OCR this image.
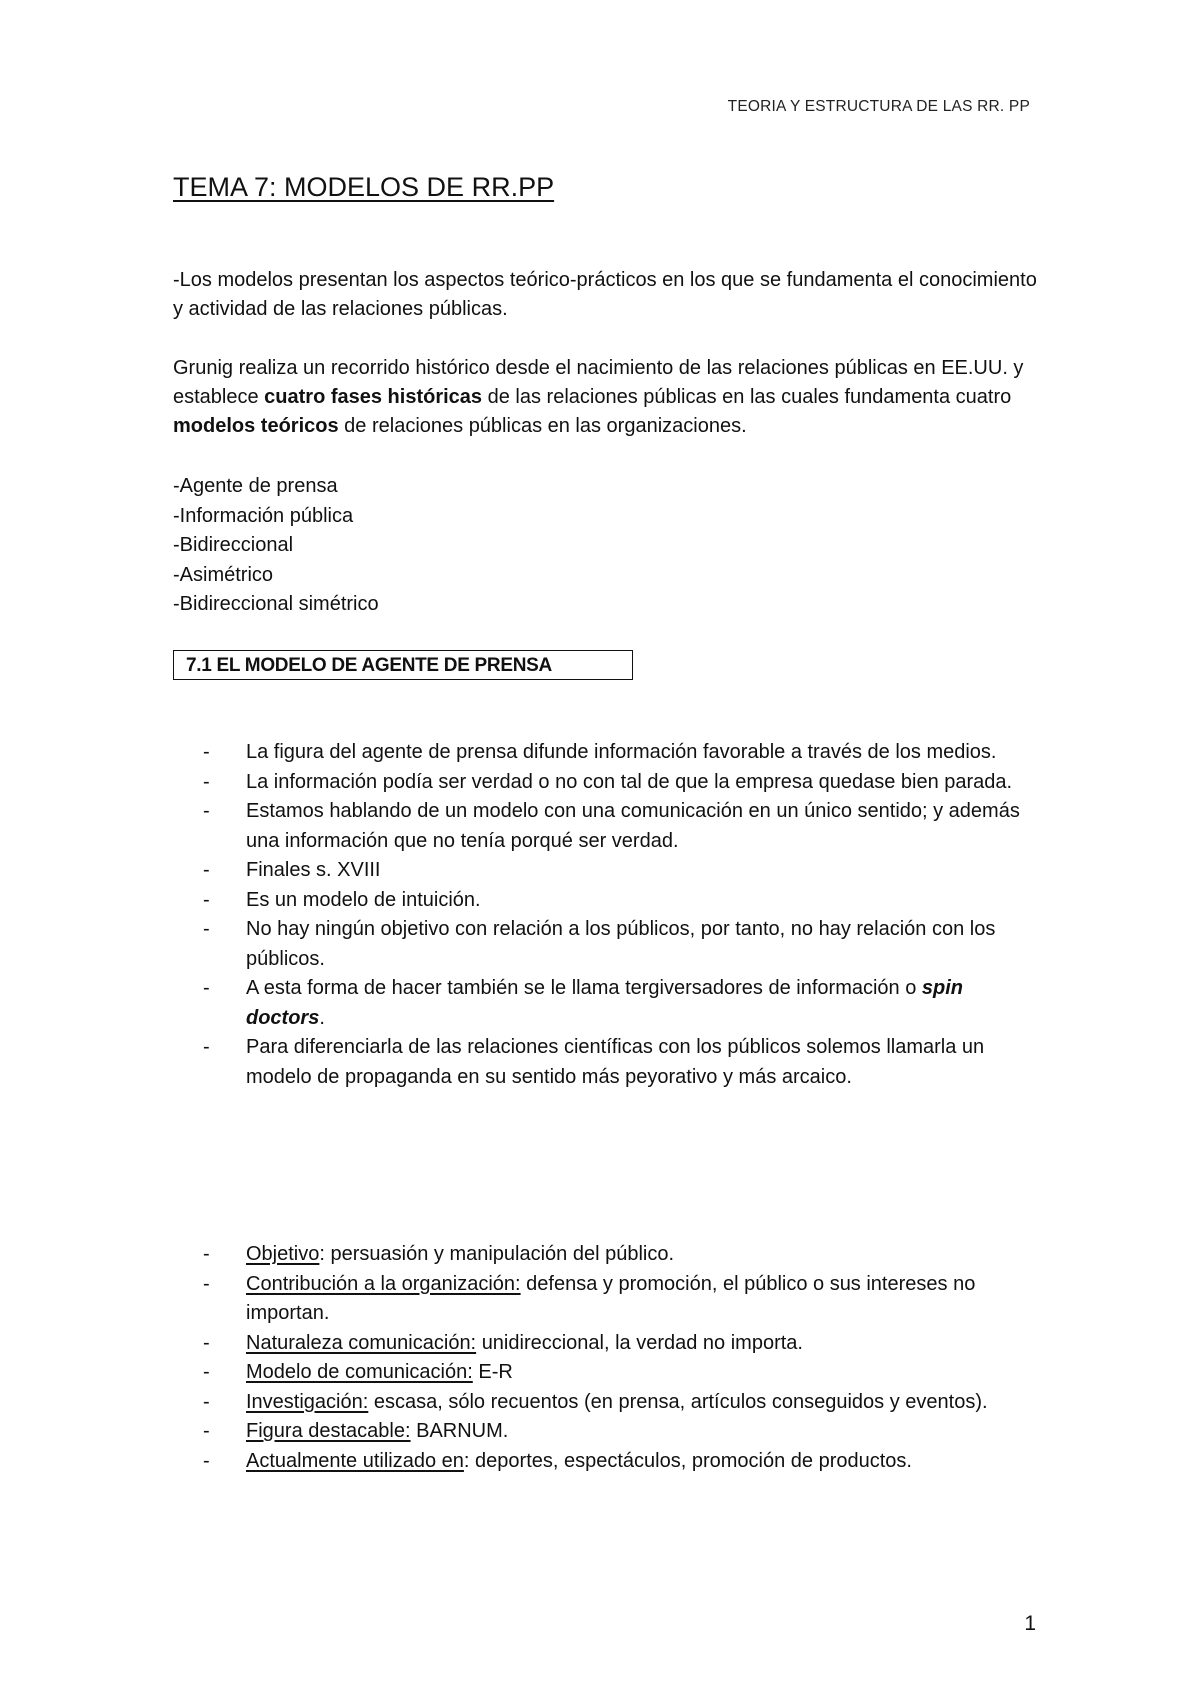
TEORIA Y ESTRUCTURA DE LAS RR. PP
TEMA 7: MODELOS DE RR.PP
-Los modelos presentan los aspectos teórico-prácticos en los que se fundamenta el conocimiento y actividad de las relaciones públicas.
Grunig realiza un recorrido histórico desde el nacimiento de las relaciones públicas en EE.UU. y establece cuatro fases históricas de las relaciones públicas en las cuales fundamenta cuatro modelos teóricos de relaciones públicas en las organizaciones.
-Agente de prensa
-Información pública
-Bidireccional
-Asimétrico
-Bidireccional simétrico
7.1 EL MODELO DE AGENTE DE PRENSA
- La figura del agente de prensa difunde información favorable a través de los medios.
- La información podía ser verdad o no con tal de que la empresa quedase bien parada.
- Estamos hablando de un modelo con una comunicación en un único sentido; y además una información que no tenía porqué ser verdad.
- Finales s. XVIII
- Es un modelo de intuición.
- No hay ningún objetivo con relación a los públicos, por tanto, no hay relación con los públicos.
- A esta forma de hacer también se le llama tergiversadores de información o spin doctors.
- Para diferenciarla de las relaciones científicas con los públicos solemos llamarla un modelo de propaganda en su sentido más peyorativo y más arcaico.
- Objetivo: persuasión y manipulación del público.
- Contribución a la organización: defensa y promoción, el público o sus intereses no importan.
- Naturaleza comunicación: unidireccional, la verdad no importa.
- Modelo de comunicación: E-R
- Investigación: escasa, sólo recuentos (en prensa, artículos conseguidos y eventos).
- Figura destacable: BARNUM.
- Actualmente utilizado en: deportes, espectáculos, promoción de productos.
1
